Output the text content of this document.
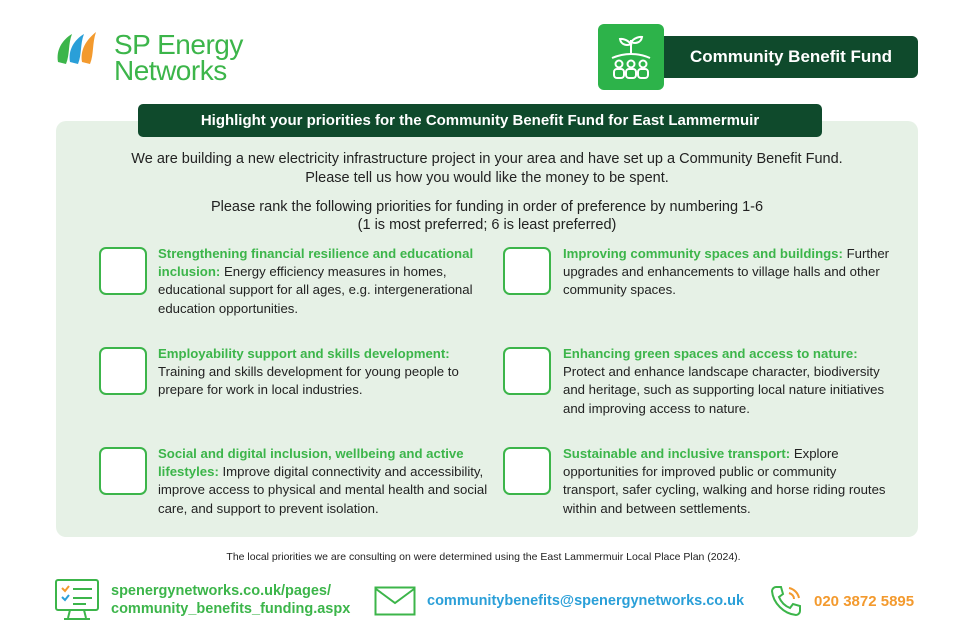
SP Energy
Networks	Community Benefit Fund
Highlight your priorities for the Community Benefit Fund for East Lammermuir
We are building a new electricity infrastructure project in your area and have set up a Community Benefit Fund.
Please tell us how you would like the money to be spent.
Please rank the following priorities for funding in order of preference by numbering 1-6
(1 is most preferred; 6 is least preferred)
Strengthening financial resilience and educational inclusion: Energy efficiency measures in homes, educational support for all ages, e.g. intergenerational education opportunities.
Improving community spaces and buildings: Further upgrades and enhancements to village halls and other community spaces.
Employability support and skills development: Training and skills development for young people to prepare for work in local industries.
Enhancing green spaces and access to nature: Protect and enhance landscape character, biodiversity and heritage, such as supporting local nature initiatives and improving access to nature.
Social and digital inclusion, wellbeing and active lifestyles: Improve digital connectivity and accessibility, improve access to physical and mental health and social care, and support to prevent isolation.
Sustainable and inclusive transport: Explore opportunities for improved public or community transport, safer cycling, walking and horse riding routes within and between settlements.
The local priorities we are consulting on were determined using the East Lammermuir Local Place Plan (2024).
spenergynetworks.co.uk/pages/
community_benefits_funding.aspx	communitybenefits@spenergynetworks.co.uk	020 3872 5895
